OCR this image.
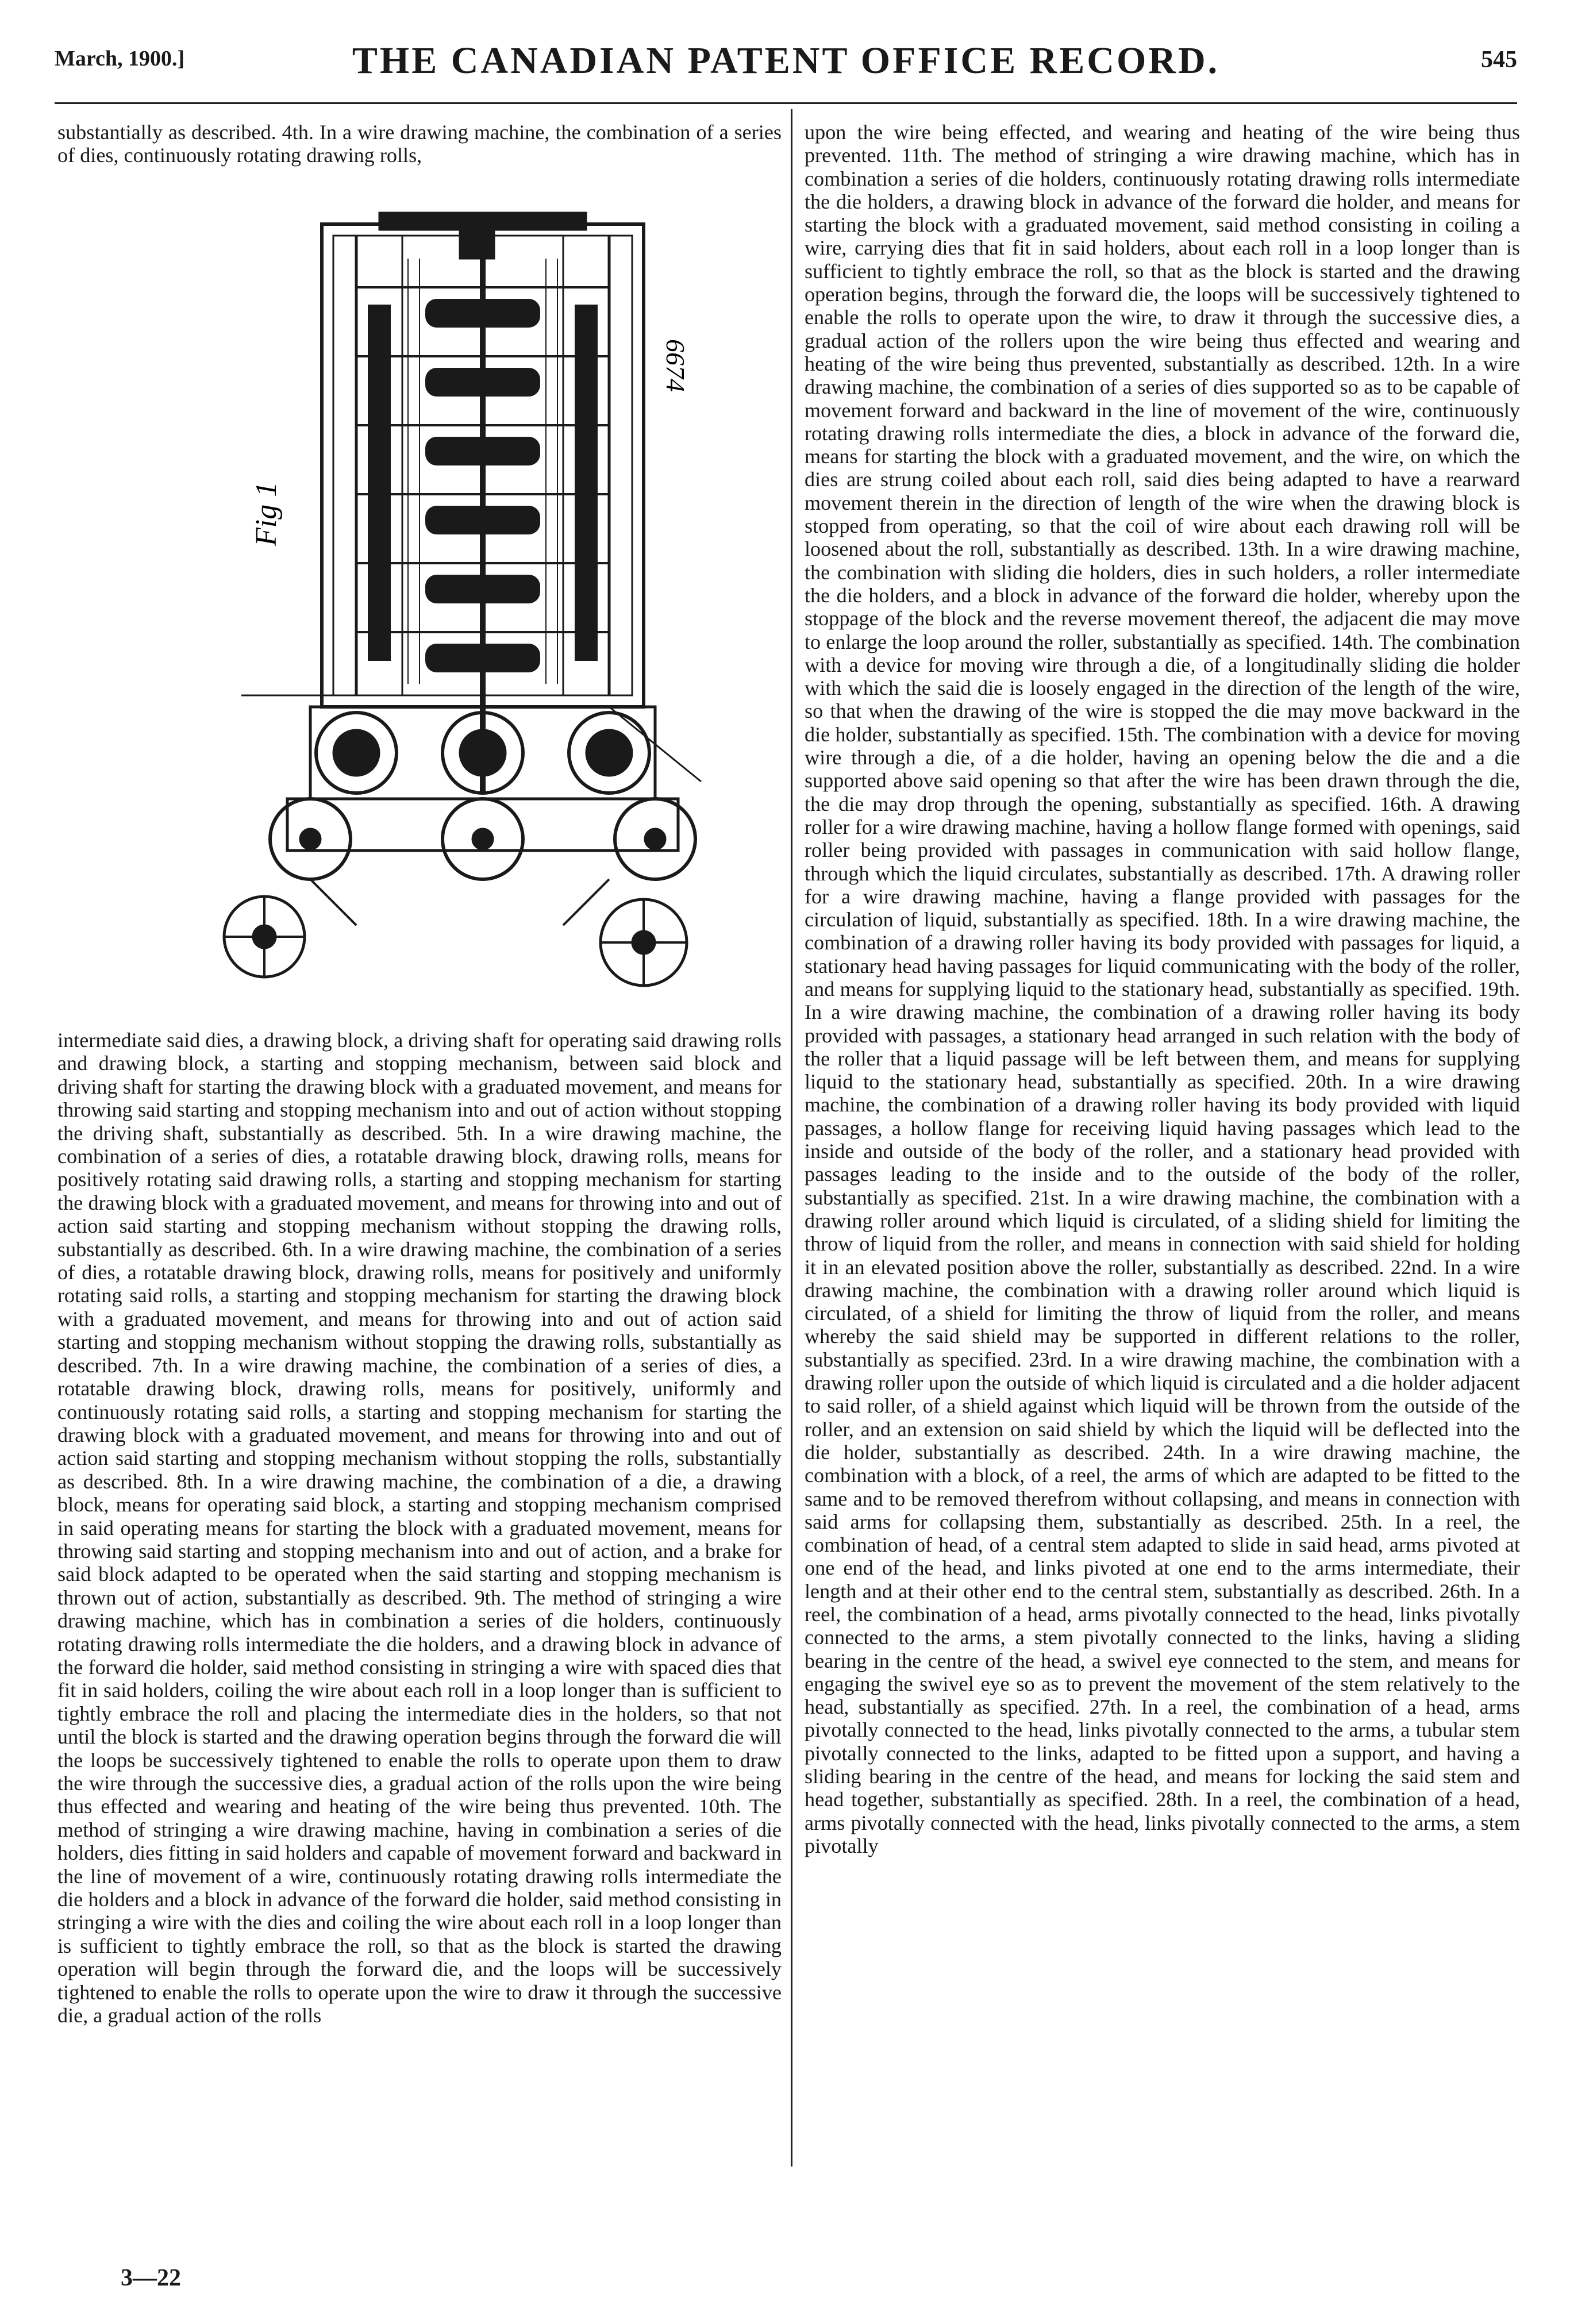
March, 1900.]	THE CANADIAN PATENT OFFICE RECORD.	545

substantially as described. 4th. In a wire drawing machine, the combination of a series of dies, continuously rotating drawing rolls,

Fig 1
6674

intermediate said dies, a drawing block, a driving shaft for operating said drawing rolls and drawing block, a starting and stopping mechanism, between said block and driving shaft for starting the drawing block with a graduated movement, and means for throwing said starting and stopping mechanism into and out of action without stopping the driving shaft, substantially as described. 5th. In a wire drawing machine, the combination of a series of dies, a rotatable drawing block, drawing rolls, means for positively rotating said drawing rolls, a starting and stopping mechanism for starting the drawing block with a graduated movement, and means for throwing into and out of action said starting and stopping mechanism without stopping the drawing rolls, substantially as described. 6th. In a wire drawing machine, the combination of a series of dies, a rotatable drawing block, drawing rolls, means for positively and uniformly rotating said rolls, a starting and stopping mechanism for starting the drawing block with a graduated movement, and means for throwing into and out of action said starting and stopping mechanism without stopping the drawing rolls, substantially as described. 7th. In a wire drawing machine, the combination of a series of dies, a rotatable drawing block, drawing rolls, means for positively, uniformly and continuously rotating said rolls, a starting and stopping mechanism for starting the drawing block with a graduated movement, and means for throwing into and out of action said starting and stopping mechanism without stopping the rolls, substantially as described. 8th. In a wire drawing machine, the combination of a die, a drawing block, means for operating said block, a starting and stopping mechanism comprised in said operating means for starting the block with a graduated movement, means for throwing said starting and stopping mechanism into and out of action, and a brake for said block adapted to be operated when the said starting and stopping mechanism is thrown out of action, substantially as described. 9th. The method of stringing a wire drawing machine, which has in combination a series of die holders, continuously rotating drawing rolls intermediate the die holders, and a drawing block in advance of the forward die holder, said method consisting in stringing a wire with spaced dies that fit in said holders, coiling the wire about each roll in a loop longer than is sufficient to tightly embrace the roll and placing the intermediate dies in the holders, so that not until the block is started and the drawing operation begins through the forward die will the loops be successively tightened to enable the rolls to operate upon them to draw the wire through the successive dies, a gradual action of the rolls upon the wire being thus effected and wearing and heating of the wire being thus prevented. 10th. The method of stringing a wire drawing machine, having in combination a series of die holders, dies fitting in said holders and capable of movement forward and backward in the line of movement of a wire, continuously rotating drawing rolls intermediate the die holders and a block in advance of the forward die holder, said method consisting in stringing a wire with the dies and coiling the wire about each roll in a loop longer than is sufficient to tightly embrace the roll, so that as the block is started the drawing operation will begin through the forward die, and the loops will be successively tightened to enable the rolls to operate upon the wire to draw it through the successive die, a gradual action of the rolls

upon the wire being effected, and wearing and heating of the wire being thus prevented. 11th. The method of stringing a wire drawing machine, which has in combination a series of die holders, continuously rotating drawing rolls intermediate the die holders, a drawing block in advance of the forward die holder, and means for starting the block with a graduated movement, said method consisting in coiling a wire, carrying dies that fit in said holders, about each roll in a loop longer than is sufficient to tightly embrace the roll, so that as the block is started and the drawing operation begins, through the forward die, the loops will be successively tightened to enable the rolls to operate upon the wire, to draw it through the successive dies, a gradual action of the rollers upon the wire being thus effected and wearing and heating of the wire being thus prevented, substantially as described. 12th. In a wire drawing machine, the combination of a series of dies supported so as to be capable of movement forward and backward in the line of movement of the wire, continuously rotating drawing rolls intermediate the dies, a block in advance of the forward die, means for starting the block with a graduated movement, and the wire, on which the dies are strung coiled about each roll, said dies being adapted to have a rearward movement therein in the direction of length of the wire when the drawing block is stopped from operating, so that the coil of wire about each drawing roll will be loosened about the roll, substantially as described. 13th. In a wire drawing machine, the combination with sliding die holders, dies in such holders, a roller intermediate the die holders, and a block in advance of the forward die holder, whereby upon the stoppage of the block and the reverse movement thereof, the adjacent die may move to enlarge the loop around the roller, substantially as specified. 14th. The combination with a device for moving wire through a die, of a longitudinally sliding die holder with which the said die is loosely engaged in the direction of the length of the wire, so that when the drawing of the wire is stopped the die may move backward in the die holder, substantially as specified. 15th. The combination with a device for moving wire through a die, of a die holder, having an opening below the die and a die supported above said opening so that after the wire has been drawn through the die, the die may drop through the opening, substantially as specified. 16th. A drawing roller for a wire drawing machine, having a hollow flange formed with openings, said roller being provided with passages in communication with said hollow flange, through which the liquid circulates, substantially as described. 17th. A drawing roller for a wire drawing machine, having a flange provided with passages for the circulation of liquid, substantially as specified. 18th. In a wire drawing machine, the combination of a drawing roller having its body provided with passages for liquid, a stationary head having passages for liquid communicating with the body of the roller, and means for supplying liquid to the stationary head, substantially as specified. 19th. In a wire drawing machine, the combination of a drawing roller having its body provided with passages, a stationary head arranged in such relation with the body of the roller that a liquid passage will be left between them, and means for supplying liquid to the stationary head, substantially as specified. 20th. In a wire drawing machine, the combination of a drawing roller having its body provided with liquid passages, a hollow flange for receiving liquid having passages which lead to the inside and outside of the body of the roller, and a stationary head provided with passages leading to the inside and to the outside of the body of the roller, substantially as specified. 21st. In a wire drawing machine, the combination with a drawing roller around which liquid is circulated, of a sliding shield for limiting the throw of liquid from the roller, and means in connection with said shield for holding it in an elevated position above the roller, substantially as described. 22nd. In a wire drawing machine, the combination with a drawing roller around which liquid is circulated, of a shield for limiting the throw of liquid from the roller, and means whereby the said shield may be supported in different relations to the roller, substantially as specified. 23rd. In a wire drawing machine, the combination with a drawing roller upon the outside of which liquid is circulated and a die holder adjacent to said roller, of a shield against which liquid will be thrown from the outside of the roller, and an extension on said shield by which the liquid will be deflected into the die holder, substantially as described. 24th. In a wire drawing machine, the combination with a block, of a reel, the arms of which are adapted to be fitted to the same and to be removed therefrom without collapsing, and means in connection with said arms for collapsing them, substantially as described. 25th. In a reel, the combination of head, of a central stem adapted to slide in said head, arms pivoted at one end of the head, and links pivoted at one end to the arms intermediate, their length and at their other end to the central stem, substantially as described. 26th. In a reel, the combination of a head, arms pivotally connected to the head, links pivotally connected to the arms, a stem pivotally connected to the links, having a sliding bearing in the centre of the head, a swivel eye connected to the stem, and means for engaging the swivel eye so as to prevent the movement of the stem relatively to the head, substantially as specified. 27th. In a reel, the combination of a head, arms pivotally connected to the head, links pivotally connected to the arms, a tubular stem pivotally connected to the links, adapted to be fitted upon a support, and having a sliding bearing in the centre of the head, and means for locking the said stem and head together, substantially as specified. 28th. In a reel, the combination of a head, arms pivotally connected with the head, links pivotally connected to the arms, a stem pivotally

3—22
